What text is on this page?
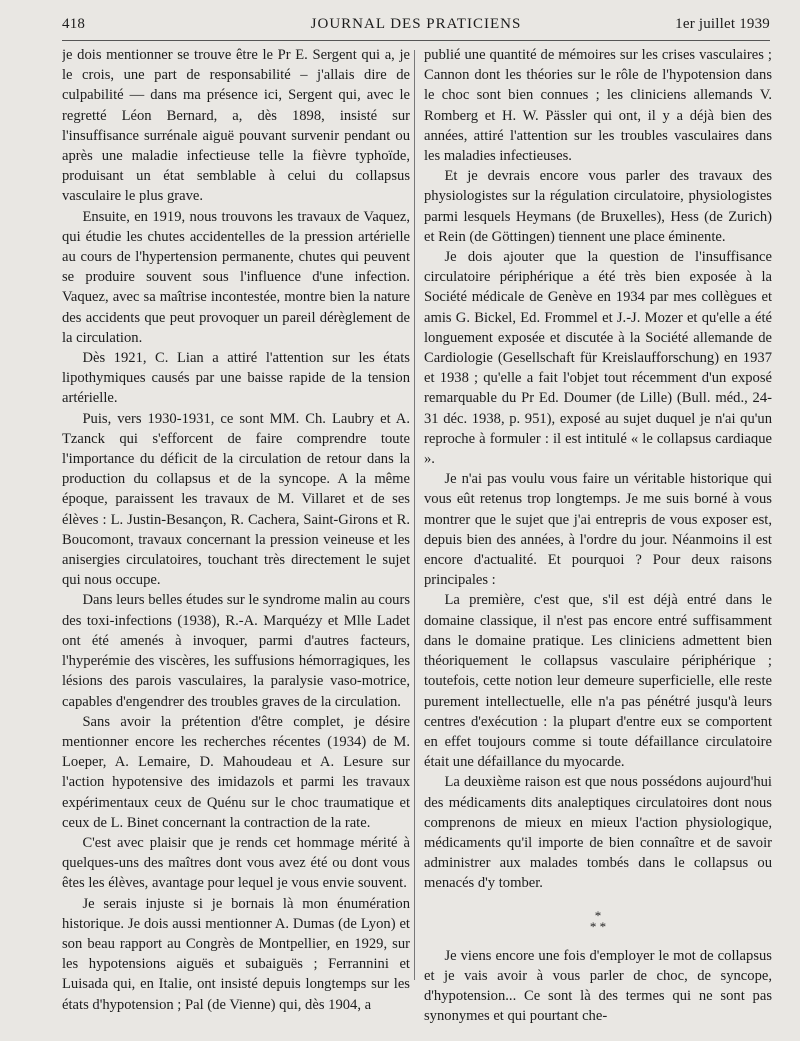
JOURNAL DES PRATICIENS
418	1er juillet 1939

je dois mentionner se trouve être le Pr E. Sergent qui a, je le crois, une part de responsabilité – j'allais dire de culpabilité — dans ma présence ici, Sergent qui, avec le regretté Léon Bernard, a, dès 1898, insisté sur l'insuffisance surrénale aiguë pouvant survenir pendant ou après une maladie infectieuse telle la fièvre typhoïde, produisant un état semblable à celui du collapsus vasculaire le plus grave.

Ensuite, en 1919, nous trouvons les travaux de Vaquez, qui étudie les chutes accidentelles de la pression artérielle au cours de l'hypertension permanente, chutes qui peuvent se produire souvent sous l'influence d'une infection. Vaquez, avec sa maîtrise incontestée, montre bien la nature des accidents que peut provoquer un pareil dérèglement de la circulation.

Dès 1921, C. Lian a attiré l'attention sur les états lipothymiques causés par une baisse rapide de la tension artérielle.

Puis, vers 1930-1931, ce sont MM. Ch. Laubry et A. Tzanck qui s'efforcent de faire comprendre toute l'importance du déficit de la circulation de retour dans la production du collapsus et de la syncope. A la même époque, paraissent les travaux de M. Villaret et de ses élèves : L. Justin-Besançon, R. Cachera, Saint-Girons et R. Boucomont, travaux concernant la pression veineuse et les anisergies circulatoires, touchant très directement le sujet qui nous occupe.

Dans leurs belles études sur le syndrome malin au cours des toxi-infections (1938), R.-A. Marquézy et Mlle Ladet ont été amenés à invoquer, parmi d'autres facteurs, l'hyperémie des viscères, les suffusions hémorragiques, les lésions des parois vasculaires, la paralysie vaso-motrice, capables d'engendrer des troubles graves de la circulation.

Sans avoir la prétention d'être complet, je désire mentionner encore les recherches récentes (1934) de M. Loeper, A. Lemaire, D. Mahoudeau et A. Lesure sur l'action hypotensive des imidazols et parmi les travaux expérimentaux ceux de Quénu sur le choc traumatique et ceux de L. Binet concernant la contraction de la rate.

C'est avec plaisir que je rends cet hommage mérité à quelques-uns des maîtres dont vous avez été ou dont vous êtes les élèves, avantage pour lequel je vous envie souvent.

Je serais injuste si je bornais là mon énumération historique. Je dois aussi mentionner A. Dumas (de Lyon) et son beau rapport au Congrès de Montpellier, en 1929, sur les hypotensions aiguës et subaiguës ; Ferrannini et Luisada qui, en Italie, ont insisté depuis longtemps sur les états d'hypotension ; Pal (de Vienne) qui, dès 1904, a

publié une quantité de mémoires sur les crises vasculaires ; Cannon dont les théories sur le rôle de l'hypotension dans le choc sont bien connues ; les cliniciens allemands V. Romberg et H. W. Pässler qui ont, il y a déjà bien des années, attiré l'attention sur les troubles vasculaires dans les maladies infectieuses.

Et je devrais encore vous parler des travaux des physiologistes sur la régulation circulatoire, physiologistes parmi lesquels Heymans (de Bruxelles), Hess (de Zurich) et Rein (de Göttingen) tiennent une place éminente.

Je dois ajouter que la question de l'insuffisance circulatoire périphérique a été très bien exposée à la Société médicale de Genève en 1934 par mes collègues et amis G. Bickel, Ed. Frommel et J.-J. Mozer et qu'elle a été longuement exposée et discutée à la Société allemande de Cardiologie (Gesellschaft für Kreislaufforschung) en 1937 et 1938 ; qu'elle a fait l'objet tout récemment d'un exposé remarquable du Pr Ed. Doumer (de Lille) (Bull. méd., 24-31 déc. 1938, p. 951), exposé au sujet duquel je n'ai qu'un reproche à formuler : il est intitulé « le collapsus cardiaque ».

Je n'ai pas voulu vous faire un véritable historique qui vous eût retenus trop longtemps. Je me suis borné à vous montrer que le sujet que j'ai entrepris de vous exposer est, depuis bien des années, à l'ordre du jour. Néanmoins il est encore d'actualité. Et pourquoi ? Pour deux raisons principales :

La première, c'est que, s'il est déjà entré dans le domaine classique, il n'est pas encore entré suffisamment dans le domaine pratique. Les cliniciens admettent bien théoriquement le collapsus vasculaire périphérique ; toutefois, cette notion leur demeure superficielle, elle reste purement intellectuelle, elle n'a pas pénétré jusqu'à leurs centres d'exécution : la plupart d'entre eux se comportent en effet toujours comme si toute défaillance circulatoire était une défaillance du myocarde.

La deuxième raison est que nous possédons aujourd'hui des médicaments dits analeptiques circulatoires dont nous comprenons de mieux en mieux l'action physiologique, médicaments qu'il importe de bien connaître et de savoir administrer aux malades tombés dans le collapsus ou menacés d'y tomber.

*
* *

Je viens encore une fois d'employer le mot de collapsus et je vais avoir à vous parler de choc, de syncope, d'hypotension... Ce sont là des termes qui ne sont pas synonymes et qui pourtant che-
